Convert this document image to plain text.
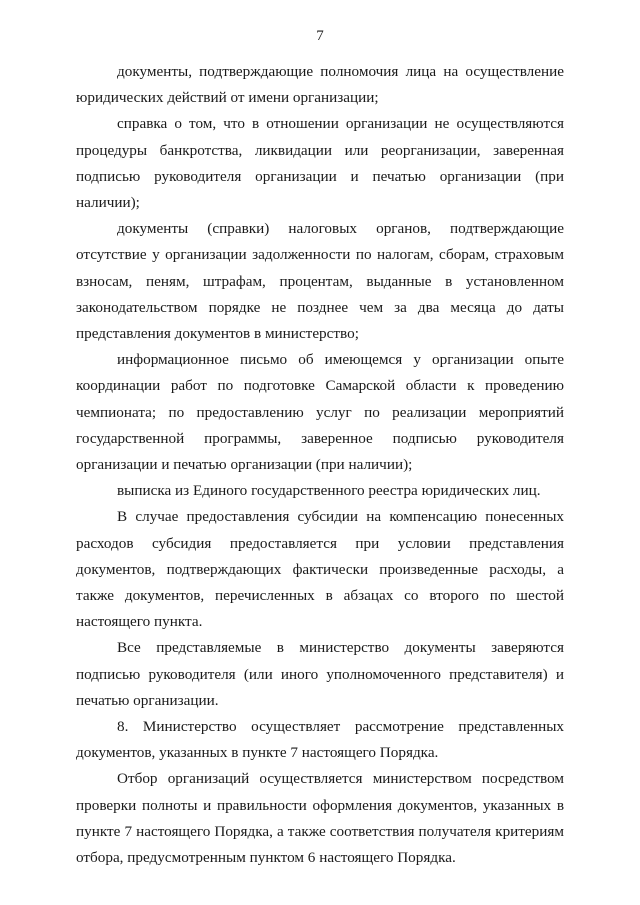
7

документы, подтверждающие полномочия лица на осуществление юридических действий от имени организации;

справка о том, что в отношении организации не осуществляются процедуры банкротства, ликвидации или реорганизации, заверенная подписью руководителя организации и печатью организации (при наличии);

документы (справки) налоговых органов, подтверждающие отсутствие у организации задолженности по налогам, сборам, страховым взносам, пеням, штрафам, процентам, выданные в установленном законодательством порядке не позднее чем за два месяца до даты представления документов в министерство;

информационное письмо об имеющемся у организации опыте координации работ по подготовке Самарской области к проведению чемпионата; по предоставлению услуг по реализации мероприятий государственной программы, заверенное подписью руководителя организации и печатью организации (при наличии);

выписка из Единого государственного реестра юридических лиц.

В случае предоставления субсидии на компенсацию понесенных расходов субсидия предоставляется при условии представления документов, подтверждающих фактически произведенные расходы, а также документов, перечисленных в абзацах со второго по шестой настоящего пункта.

Все представляемые в министерство документы заверяются подписью руководителя (или иного уполномоченного представителя) и печатью организации.

8. Министерство осуществляет рассмотрение представленных документов, указанных в пункте 7 настоящего Порядка.

Отбор организаций осуществляется министерством посредством проверки полноты и правильности оформления документов, указанных в пункте 7 настоящего Порядка, а также соответствия получателя критериям отбора, предусмотренным пунктом 6 настоящего Порядка.
